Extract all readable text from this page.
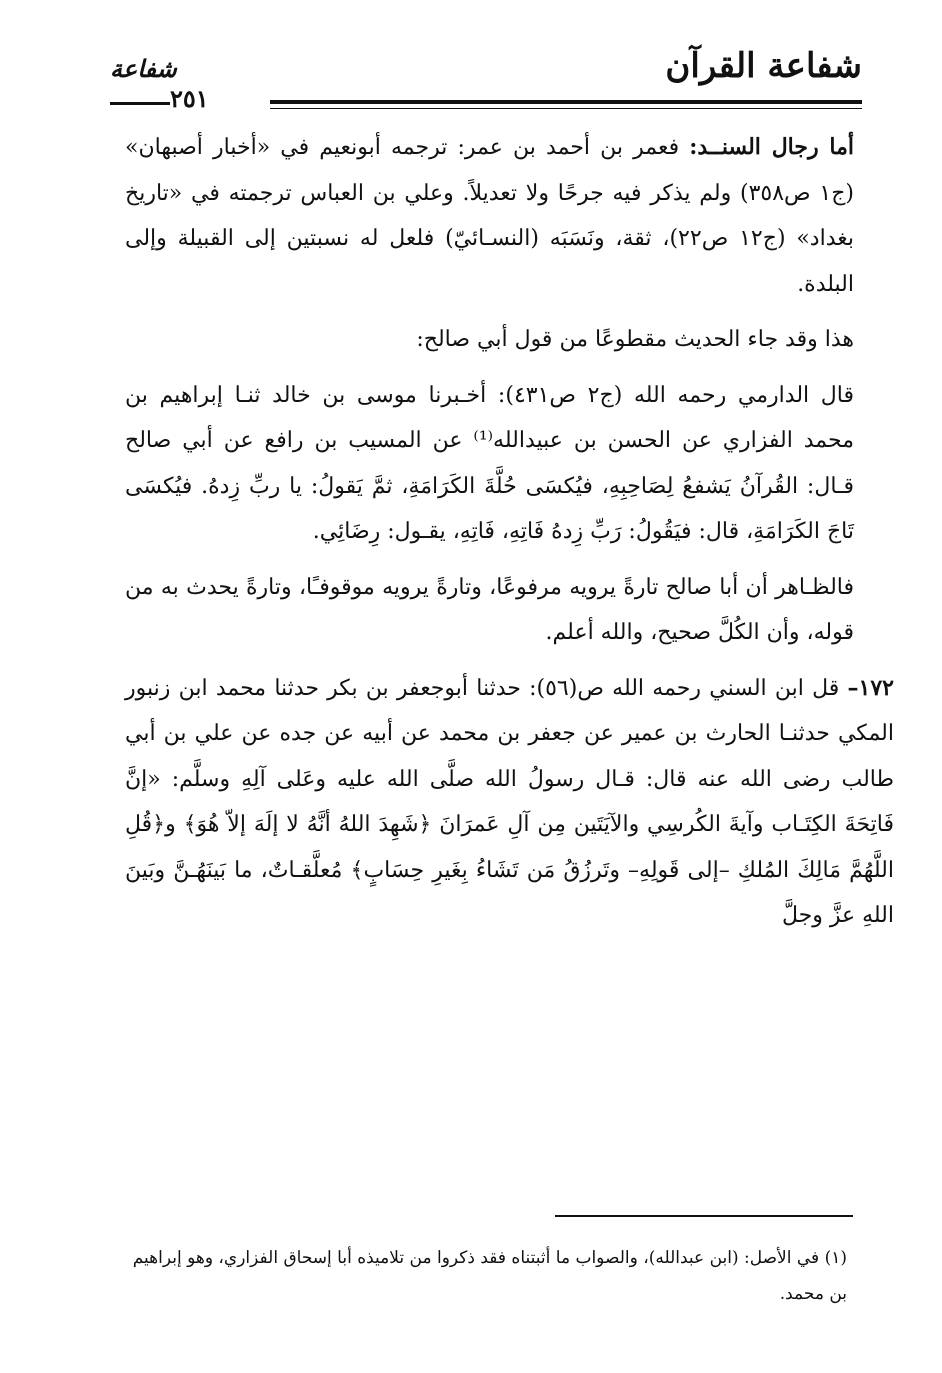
شفاعة القرآن
شفاعة
٢٥١

أما رجال السنــد: فعمر بن أحمد بن عمر: ترجمه أبونعيم في «أخبار أصبهان» (ج١ ص٣٥٨) ولم يذكر فيه جرحًا ولا تعديلاً. وعلي بن العباس ترجمته في «تاريخ بغداد» (ج١٢ ص٢٢)، ثقة، ونَسَبَه (النسـائيّ) فلعل له نسبتين إلى القبيلة وإلى البلدة.

هذا وقد جاء الحديث مقطوعًا من قول أبي صالح:

قال الدارمي رحمه الله (ج٢ ص٤٣١): أخـبرنا موسى بن خالد ثنـا إبراهيم بن محمد الفزاري عن الحسن بن عبيدالله⁽¹⁾ عن المسيب بن رافع عن أبي صالح قـال: القُرآنُ يَشفعُ لِصَاحِبِهِ، فيُكسَى حُلَّةَ الكَرَامَةِ، ثمَّ يَقولُ: يا ربِّ زِدهُ. فيُكسَى تَاجَ الكَرَامَةِ، قال: فيَقُولُ: رَبِّ زِدهُ فَاتِهِ، فَاتِهِ، يقـول: رِضَائِي.

فالظـاهر أن أبا صالح تارةً يرويه مرفوعًا، وتارةً يرويه موقوفـًا، وتارةً يحدث به من قوله، وأن الكُلَّ صحيح، والله أعلم.

١٧٢– قل ابن السني رحمه الله ص(٥٦): حدثنا أبوجعفر بن بكر حدثنا محمد ابن زنبور المكي حدثنـا الحارث بن عمير عن جعفر بن محمد عن أبيه عن جده عن علي بن أبي طالب رضى الله عنه قال: قـال رسولُ الله صلَّى الله عليه وعَلى آلِهِ وسلَّم: «إنَّ فَاتِحَةَ الكِتَـاب وآيةَ الكُرسِي والآيَتَين مِن آلِ عَمرَانَ ﴿شَهِدَ اللهُ أنَّهُ لا إلَهَ إلاّ هُوَ﴾ و﴿قُلِ اللَّهُمَّ مَالِكَ المُلكِ –إلى قَولِهِ– وتَرزُقُ مَن تَشَاءُ بِغَيرِ حِسَابٍ﴾ مُعلَّقـاتٌ، ما بَينَهُـنَّ وبَينَ اللهِ عزَّ وجلَّ

(١) في الأصل: (ابن عبدالله)، والصواب ما أثبتناه فقد ذكروا من تلاميذه أبا إسحاق الفزاري، وهو إبراهيم بن محمد.
